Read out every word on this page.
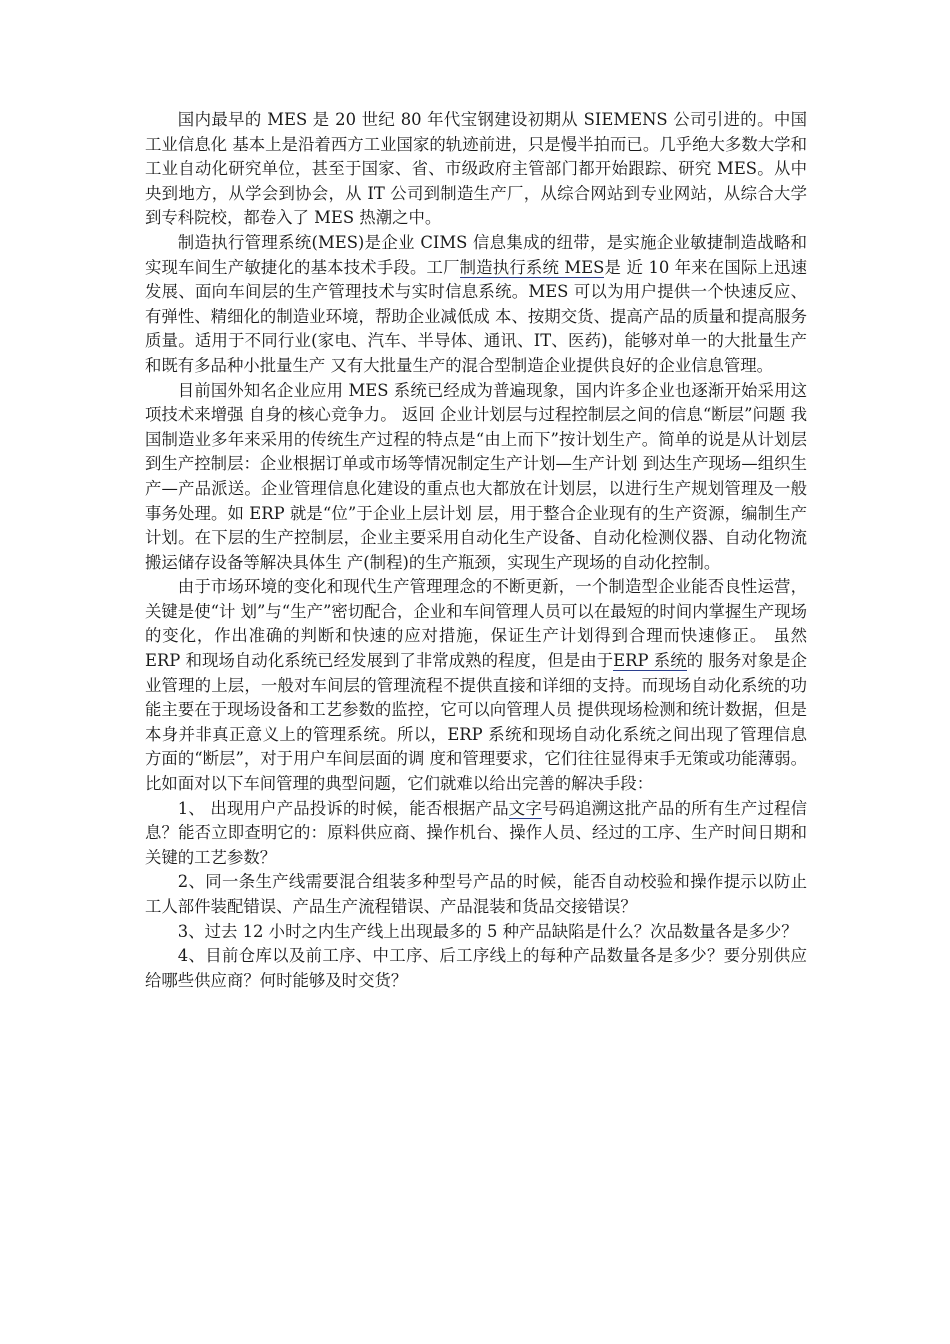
国内最早的 MES 是 20 世纪 80 年代宝钢建设初期从 SIEMENS 公司引进的。中国工业信息化 基本上是沿着西方工业国家的轨迹前进，只是慢半拍而已。几乎绝大多数大学和工业自动化研究单位，甚至于国家、省、市级政府主管部门都开始跟踪、研究 MES。从中央到地方，从学会到协会，从 IT 公司到制造生产厂，从综合网站到专业网站，从综合大学到专科院校，都卷入了 MES 热潮之中。

制造执行管理系统(MES)是企业 CIMS 信息集成的纽带，是实施企业敏捷制造战略和实现车间生产敏捷化的基本技术手段。工厂制造执行系统 MES是 近 10 年来在国际上迅速发展、面向车间层的生产管理技术与实时信息系统。MES 可以为用户提供一个快速反应、有弹性、精细化的制造业环境，帮助企业减低成 本、按期交货、提高产品的质量和提高服务质量。适用于不同行业(家电、汽车、半导体、通讯、IT、医药)，能够对单一的大批量生产和既有多品种小批量生产 又有大批量生产的混合型制造企业提供良好的企业信息管理。

目前国外知名企业应用 MES 系统已经成为普遍现象，国内许多企业也逐渐开始采用这项技术来增强 自身的核心竞争力。 返回 企业计划层与过程控制层之间的信息“断层”问题 我国制造业多年来采用的传统生产过程的特点是“由上而下”按计划生产。简单的说是从计划层到生产控制层：企业根据订单或市场等情况制定生产计划—生产计划 到达生产现场—组织生产—产品派送。企业管理信息化建设的重点也大都放在计划层，以进行生产规划管理及一般事务处理。如 ERP 就是“位”于企业上层计划 层，用于整合企业现有的生产资源，编制生产计划。在下层的生产控制层，企业主要采用自动化生产设备、自动化检测仪器、自动化物流搬运储存设备等解决具体生 产(制程)的生产瓶颈，实现生产现场的自动化控制。

由于市场环境的变化和现代生产管理理念的不断更新，一个制造型企业能否良性运营，关键是使“计 划”与“生产”密切配合，企业和车间管理人员可以在最短的时间内掌握生产现场的变化，作出准确的判断和快速的应对措施，保证生产计划得到合理而快速修正。 虽然 ERP 和现场自动化系统已经发展到了非常成熟的程度，但是由于ERP 系统的 服务对象是企业管理的上层，一般对车间层的管理流程不提供直接和详细的支持。而现场自动化系统的功能主要在于现场设备和工艺参数的监控，它可以向管理人员 提供现场检测和统计数据，但是本身并非真正意义上的管理系统。所以，ERP 系统和现场自动化系统之间出现了管理信息方面的“断层”，对于用户车间层面的调 度和管理要求，它们往往显得束手无策或功能薄弱。比如面对以下车间管理的典型问题，它们就难以给出完善的解决手段：

1、 出现用户产品投诉的时候，能否根据产品文字号码追溯这批产品的所有生产过程信息？能否立即查明它的：原料供应商、操作机台、操作人员、经过的工序、生产时间日期和关键的工艺参数？

2、同一条生产线需要混合组装多种型号产品的时候，能否自动校验和操作提示以防止工人部件装配错误、产品生产流程错误、产品混装和货品交接错误？

3、过去 12 小时之内生产线上出现最多的 5 种产品缺陷是什么？次品数量各是多少？

4、目前仓库以及前工序、中工序、后工序线上的每种产品数量各是多少？要分别供应给哪些供应商？何时能够及时交货？
